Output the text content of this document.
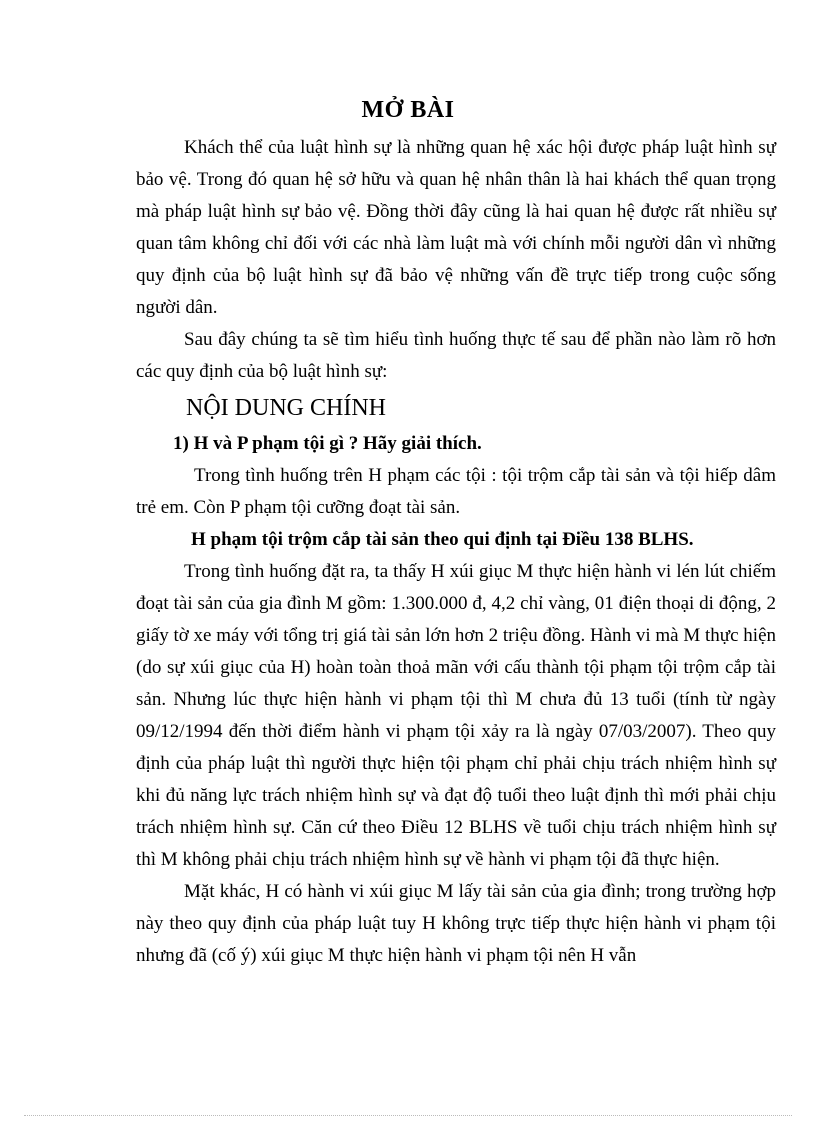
MỞ BÀI

Khách thể của luật hình sự là những quan hệ xác hội được pháp luật hình sự bảo vệ. Trong đó quan hệ sở hữu và quan hệ nhân thân là hai khách thể quan trọng mà pháp luật hình sự bảo vệ. Đồng thời đây cũng là hai quan hệ được rất nhiều sự quan tâm không chỉ đối với các nhà làm luật mà với chính mỗi người dân vì những quy định của bộ luật hình sự đã bảo vệ những vấn đề trực tiếp trong cuộc sống người dân.

Sau đây chúng ta sẽ tìm hiểu tình huống thực tế sau để phần nào làm rõ hơn các quy định của bộ luật hình sự:

NỘI DUNG CHÍNH
1) H và P phạm tội gì ? Hãy giải thích.

Trong tình huống trên H phạm các tội : tội trộm cắp tài sản và tội hiếp dâm trẻ em. Còn P phạm tội cưỡng đoạt tài sản.

H phạm tội trộm cắp tài sản theo qui định tại Điều 138 BLHS.

Trong tình huống đặt ra, ta thấy H xúi giục M thực hiện hành vi lén lút chiếm đoạt tài sản của gia đình M gồm: 1.300.000 đ, 4,2 chỉ vàng, 01 điện thoại di động, 2 giấy tờ xe máy với tổng trị giá tài sản lớn hơn 2 triệu đồng. Hành vi mà M thực hiện (do sự xúi giục của H) hoàn toàn thoả mãn với cấu thành tội phạm tội trộm cắp tài sản. Nhưng lúc thực hiện hành vi phạm tội thì M chưa đủ 13 tuổi (tính từ ngày 09/12/1994 đến thời điểm hành vi phạm tội xảy ra là ngày 07/03/2007). Theo quy định của pháp luật thì người thực hiện tội phạm chỉ phải chịu trách nhiệm hình sự khi đủ năng lực trách nhiệm hình sự và đạt độ tuổi theo luật định thì mới phải chịu trách nhiệm hình sự. Căn cứ theo Điều 12 BLHS về tuổi chịu trách nhiệm hình sự thì M không phải chịu trách nhiệm hình sự về hành vi phạm tội đã thực hiện.

Mặt khác, H có hành vi xúi giục M lấy tài sản của gia đình; trong trường hợp này theo quy định của pháp luật tuy H không trực tiếp thực hiện hành vi phạm tội nhưng đã (cố ý) xúi giục M thực hiện hành vi phạm tội nên H vẫn
